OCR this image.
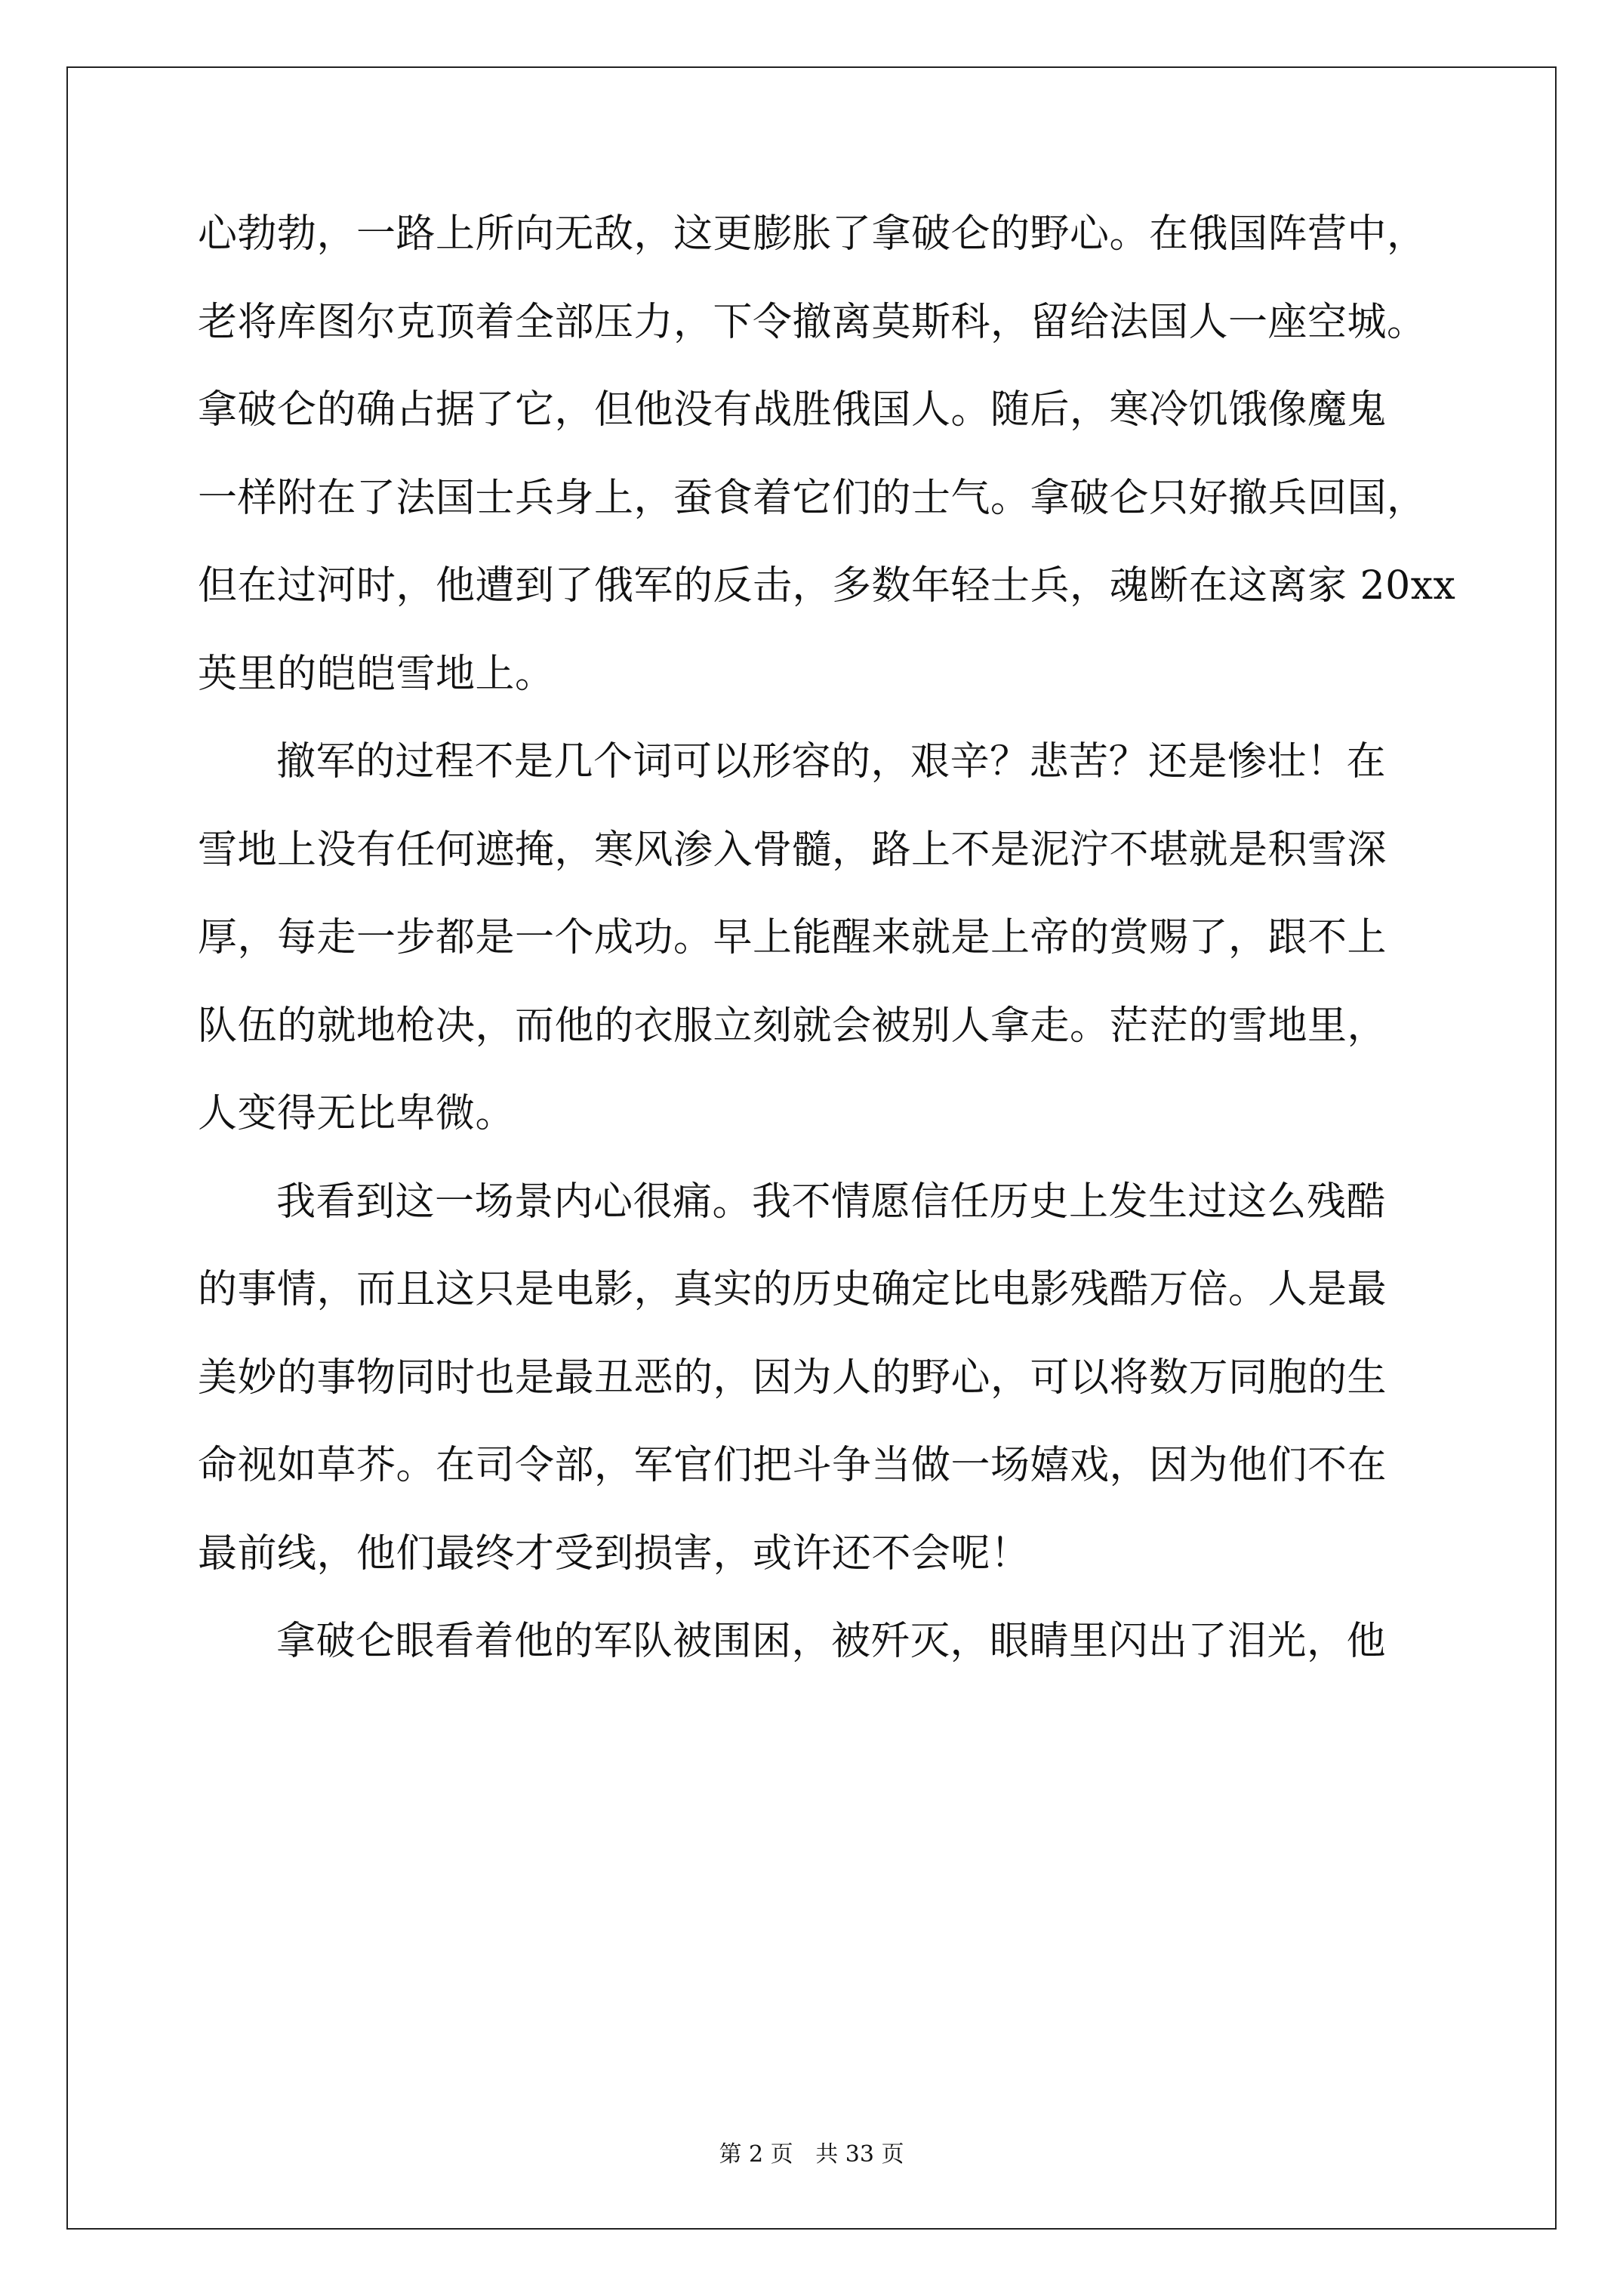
心勃勃，一路上所向无敌，这更膨胀了拿破仑的野心。在俄国阵营中，
老将库图尔克顶着全部压力，下令撤离莫斯科，留给法国人一座空城。
拿破仑的确占据了它，但他没有战胜俄国人。随后，寒冷饥饿像魔鬼
一样附在了法国士兵身上，蚕食着它们的士气。拿破仑只好撤兵回国，
但在过河时，他遭到了俄军的反击，多数年轻士兵，魂断在这离家 20xx
英里的皑皑雪地上。
撤军的过程不是几个词可以形容的，艰辛？悲苦？还是惨壮！在
雪地上没有任何遮掩，寒风渗入骨髓，路上不是泥泞不堪就是积雪深
厚，每走一步都是一个成功。早上能醒来就是上帝的赏赐了，跟不上
队伍的就地枪决，而他的衣服立刻就会被别人拿走。茫茫的雪地里，
人变得无比卑微。
我看到这一场景内心很痛。我不情愿信任历史上发生过这么残酷
的事情，而且这只是电影，真实的历史确定比电影残酷万倍。人是最
美妙的事物同时也是最丑恶的，因为人的野心，可以将数万同胞的生
命视如草芥。在司令部，军官们把斗争当做一场嬉戏，因为他们不在
最前线，他们最终才受到损害，或许还不会呢！
拿破仑眼看着他的军队被围困，被歼灭，眼睛里闪出了泪光，他
第 2 页 共 33 页
